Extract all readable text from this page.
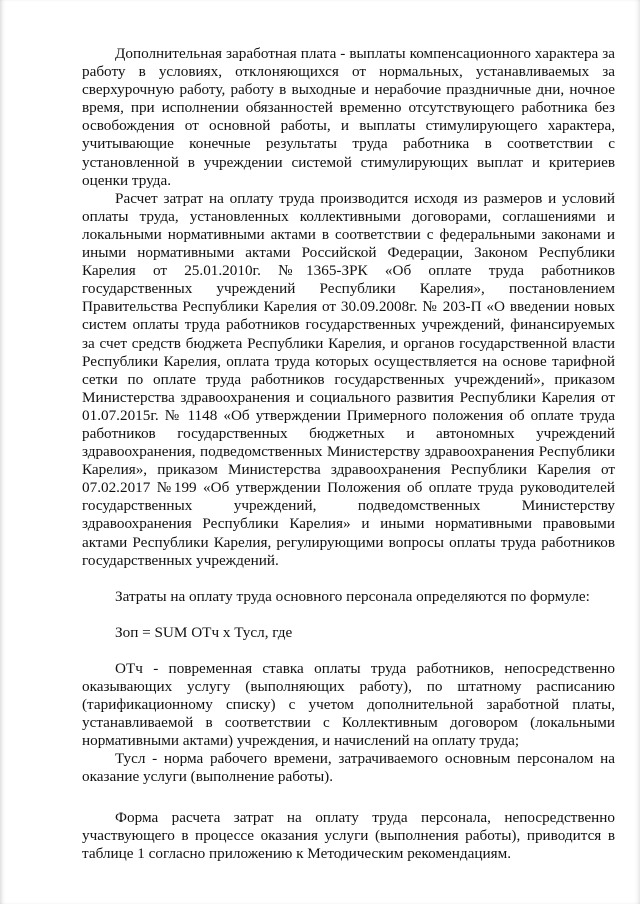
Дополнительная заработная плата - выплаты компенсационного характера за работу в условиях, отклоняющихся от нормальных, устанавливаемых за сверхурочную работу, работу в выходные и нерабочие праздничные дни, ночное время, при исполнении обязанностей временно отсутствующего работника без освобождения от основной работы, и выплаты стимулирующего характера, учитывающие конечные результаты труда работника в соответствии с установленной в учреждении системой стимулирующих выплат и критериев оценки труда.

Расчет затрат на оплату труда производится исходя из размеров и условий оплаты труда, установленных коллективными договорами, соглашениями и локальными нормативными актами в соответствии с федеральными законами и иными нормативными актами Российской Федерации, Законом Республики Карелия от 25.01.2010г. №1365-ЗРК «Об оплате труда работников государственных учреждений Республики Карелия», постановлением Правительства Республики Карелия от 30.09.2008г. № 203-П «О введении новых систем оплаты труда работников государственных учреждений, финансируемых за счет средств бюджета Республики Карелия, и органов государственной власти Республики Карелия, оплата труда которых осуществляется на основе тарифной сетки по оплате труда работников государственных учреждений», приказом Министерства здравоохранения и социального развития Республики Карелия от 01.07.2015г. № 1148 «Об утверждении Примерного положения об оплате труда работников государственных бюджетных и автономных учреждений здравоохранения, подведомственных Министерству здравоохранения Республики Карелия», приказом Министерства здравоохранения Республики Карелия от 07.02.2017 №199 «Об утверждении Положения об оплате труда руководителей государственных учреждений, подведомственных Министерству здравоохранения Республики Карелия» и иными нормативными правовыми актами Республики Карелия, регулирующими вопросы оплаты труда работников государственных учреждений.

Затраты на оплату труда основного персонала определяются по формуле:

Зоп = SUM ОТч х Тусл, где

ОТч - повременная ставка оплаты труда работников, непосредственно оказывающих услугу (выполняющих работу), по штатному расписанию (тарификационному списку) с учетом дополнительной заработной платы, устанавливаемой в соответствии с Коллективным договором (локальными нормативными актами) учреждения, и начислений на оплату труда;

Тусл - норма рабочего времени, затрачиваемого основным персоналом на оказание услуги (выполнение работы).

Форма расчета затрат на оплату труда персонала, непосредственно участвующего в процессе оказания услуги (выполнения работы), приводится в таблице 1 согласно приложению к Методическим рекомендациям.
